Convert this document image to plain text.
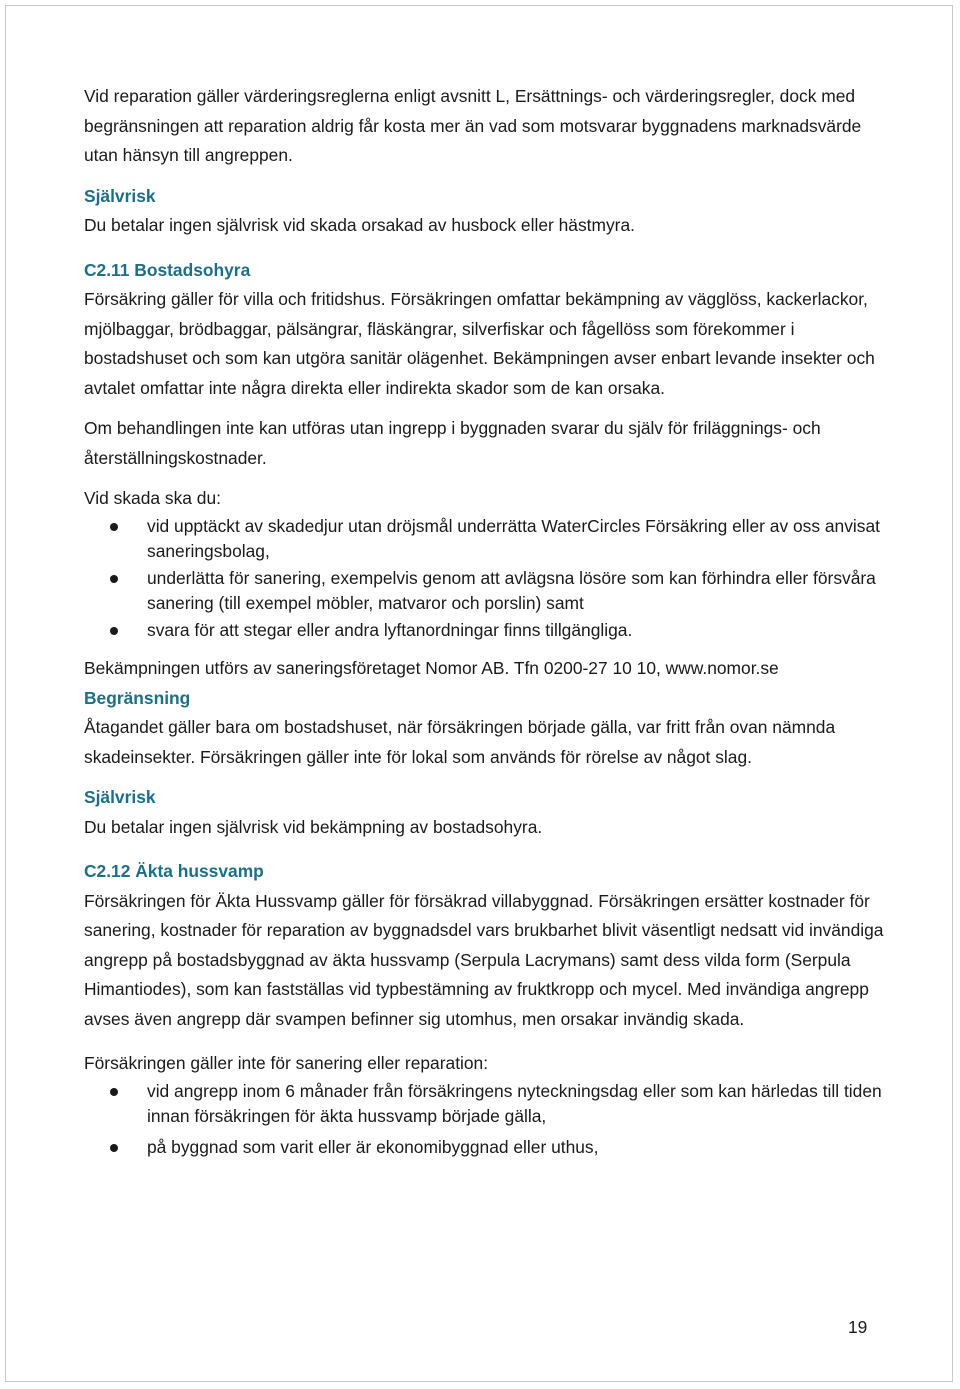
Vid reparation gäller värderingsreglerna enligt avsnitt L, Ersättnings- och värderingsregler, dock med begränsningen att reparation aldrig får kosta mer än vad som motsvarar byggnadens marknadsvärde utan hänsyn till angreppen.

Självrisk

Du betalar ingen självrisk vid skada orsakad av husbock eller hästmyra.

C2.11 Bostadsohyra

Försäkring gäller för villa och fritidshus. Försäkringen omfattar bekämpning av vägglöss, kackerlackor, mjölbaggar, brödbaggar, pälsängrar, fläskängrar, silverfiskar och fågellöss som förekommer i bostadshuset och som kan utgöra sanitär olägenhet. Bekämpningen avser enbart levande insekter och avtalet omfattar inte några direkta eller indirekta skador som de kan orsaka.

Om behandlingen inte kan utföras utan ingrepp i byggnaden svarar du själv för friläggnings- och återställningskostnader.

Vid skada ska du:

vid upptäckt av skadedjur utan dröjsmål underrätta WaterCircles Försäkring eller av oss anvisat saneringsbolag,
underlätta för sanering, exempelvis genom att avlägsna lösöre som kan förhindra eller försvåra sanering (till exempel möbler, matvaror och porslin) samt
svara för att stegar eller andra lyftanordningar finns tillgängliga.

Bekämpningen utförs av saneringsföretaget Nomor AB. Tfn 0200-27 10 10, www.nomor.se

Begränsning

Åtagandet gäller bara om bostadshuset, när försäkringen började gälla, var fritt från ovan nämnda skadeinsekter. Försäkringen gäller inte för lokal som används för rörelse av något slag.

Självrisk

Du betalar ingen självrisk vid bekämpning av bostadsohyra.

C2.12 Äkta hussvamp

Försäkringen för Äkta Hussvamp gäller för försäkrad villabyggnad. Försäkringen ersätter kostnader för sanering, kostnader för reparation av byggnadsdel vars brukbarhet blivit väsentligt nedsatt vid invändiga angrepp på bostadsbyggnad av äkta hussvamp (Serpula Lacrymans) samt dess vilda form (Serpula Himantiodes), som kan fastställas vid typbestämning av fruktkropp och mycel. Med invändiga angrepp avses även angrepp där svampen befinner sig utomhus, men orsakar invändig skada.

Försäkringen gäller inte för sanering eller reparation:

vid angrepp inom 6 månader från försäkringens nyteckningsdag eller som kan härledas till tiden innan försäkringen för äkta hussvamp började gälla,
på byggnad som varit eller är ekonomibyggnad eller uthus,
19
